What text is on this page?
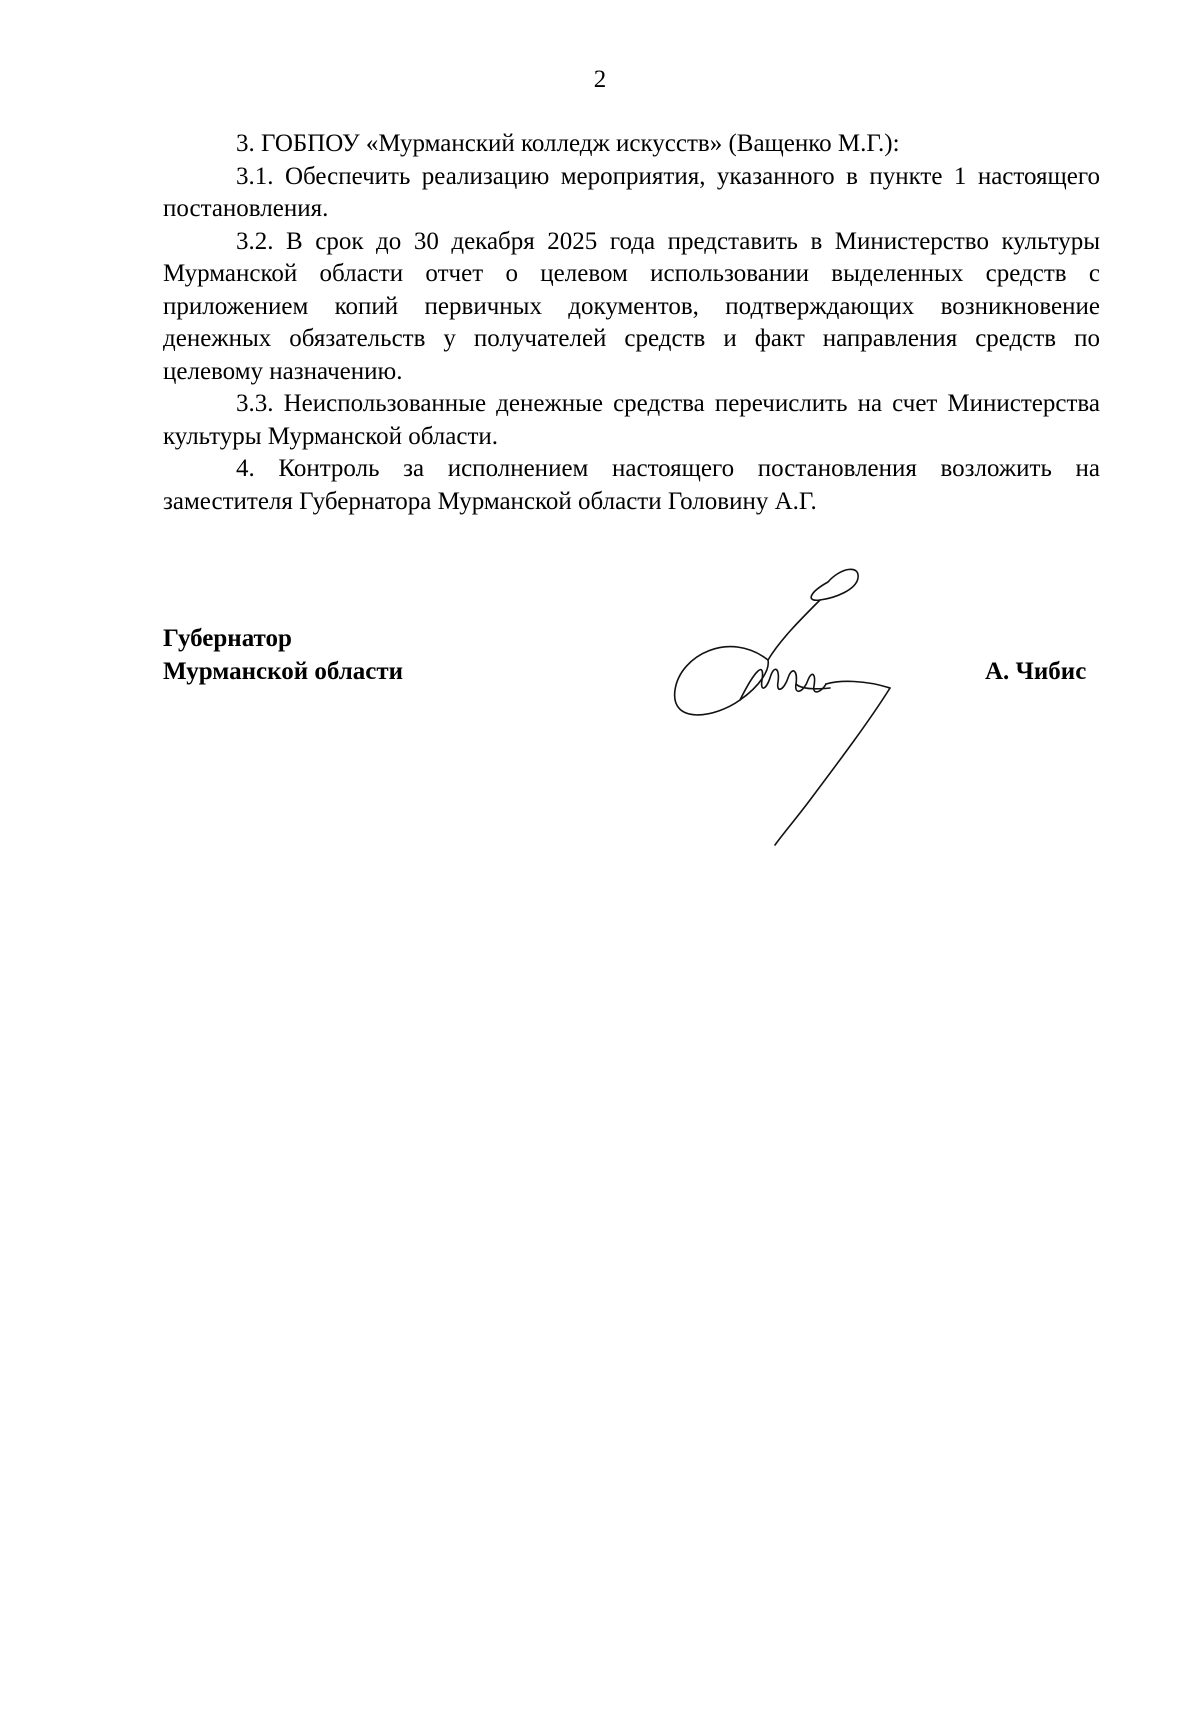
2

3. ГОБПОУ «Мурманский колледж искусств» (Ващенко М.Г.):

3.1. Обеспечить реализацию мероприятия, указанного в пункте 1 настоящего постановления.

3.2. В срок до 30 декабря 2025 года представить в Министерство культуры Мурманской области отчет о целевом использовании выделенных средств с приложением копий первичных документов, подтверждающих возникновение денежных обязательств у получателей средств и факт направления средств по целевому назначению.

3.3. Неиспользованные денежные средства перечислить на счет Министерства культуры Мурманской области.

4. Контроль за исполнением настоящего постановления возложить на заместителя Губернатора Мурманской области Головину А.Г.

Губернатор
Мурманской области	А. Чибис
